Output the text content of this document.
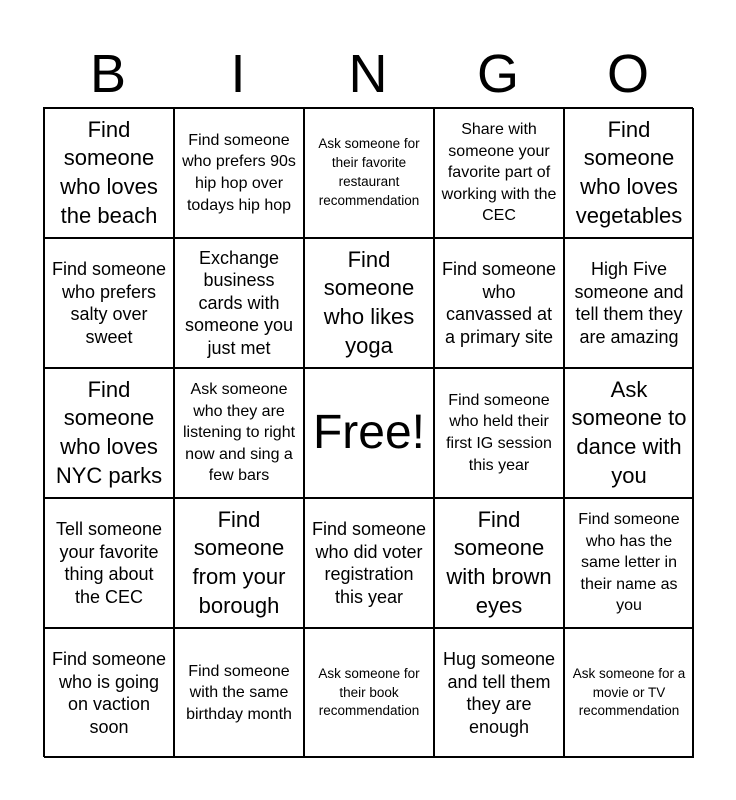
B	I	N	G	O
Find someone who loves the beach
Find someone who prefers 90s hip hop over todays hip hop
Ask someone for their favorite restaurant recommendation
Share with someone your favorite part of working with the CEC
Find someone who loves vegetables
Find someone who prefers salty over sweet
Exchange business cards with someone you just met
Find someone who likes yoga
Find someone who canvassed at a primary site
High Five someone and tell them they are amazing
Find someone who loves NYC parks
Ask someone who they are listening to right now and sing a few bars
Free!
Find someone who held their first IG session this year
Ask someone to dance with you
Tell someone your favorite thing about the CEC
Find someone from your borough
Find someone who did voter registration this year
Find someone with brown eyes
Find someone who has the same letter in their name as you
Find someone who is going on vaction soon
Find someone with the same birthday month
Ask someone for their book recommendation
Hug someone and tell them they are enough
Ask someone for a movie or TV recommendation
